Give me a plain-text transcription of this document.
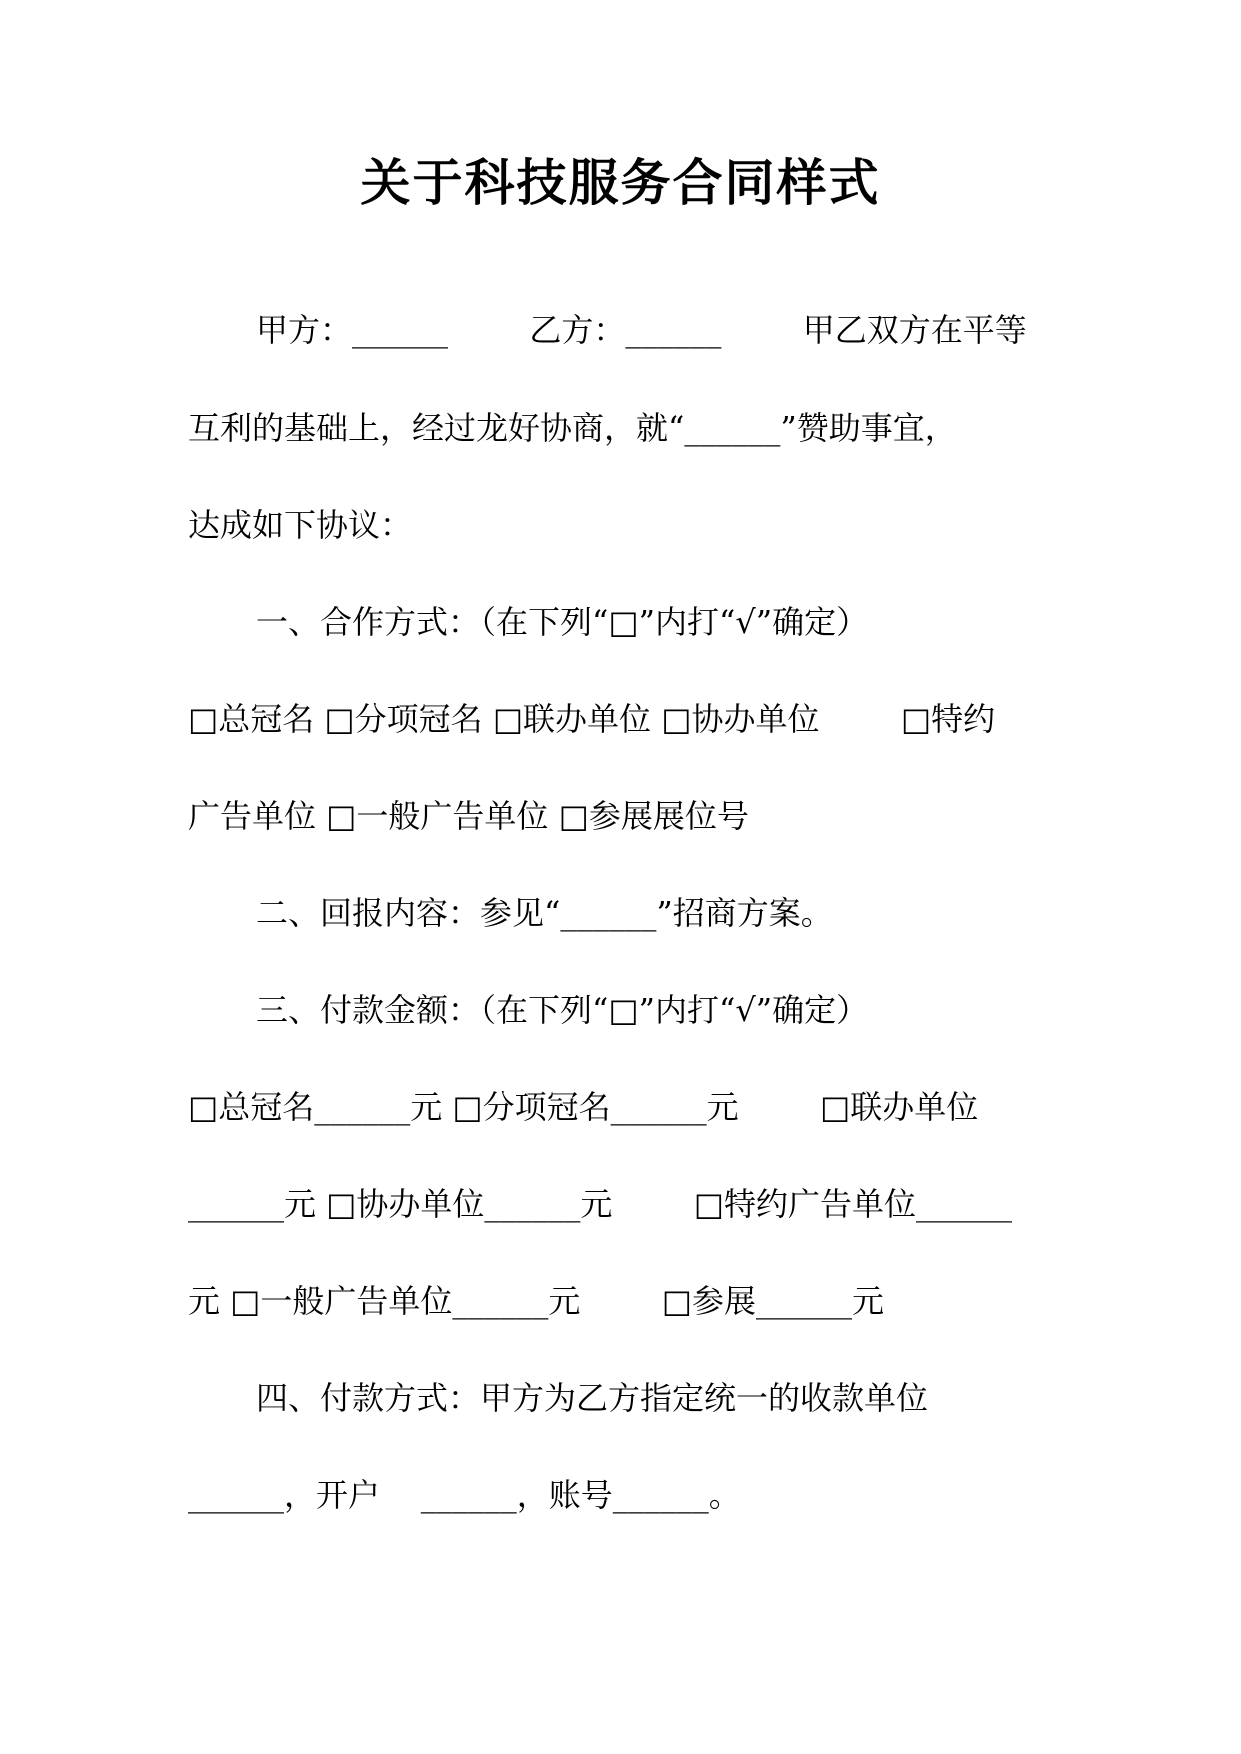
关于科技服务合同样式
甲方：______        乙方：______        甲乙双方在平等
互利的基础上，经过龙好协商，就“______”赞助事宜，
达成如下协议：
一、合作方式：（在下列“□”内打“√”确定）
□总冠名 □分项冠名 □联办单位 □协办单位        □特约
广告单位 □一般广告单位 □参展展位号
二、回报内容：参见“______”招商方案。
三、付款金额：（在下列“□”内打“√”确定）
□总冠名______元 □分项冠名______元        □联办单位
______元 □协办单位______元        □特约广告单位______
元 □一般广告单位______元        □参展______元
四、付款方式：甲方为乙方指定统一的收款单位
______，开户    ______，账号______。
